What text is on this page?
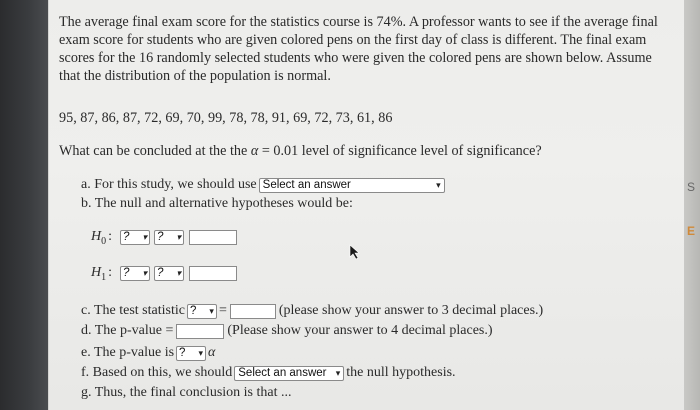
The average final exam score for the statistics course is 74%. A professor wants to see if the average final exam score for students who are given colored pens on the first day of class is different. The final exam scores for the 16 randomly selected students who were given the colored pens are shown below. Assume that the distribution of the population is normal.

95, 87, 86, 87, 72, 69, 70, 99, 78, 78, 91, 69, 72, 73, 61, 86

What can be concluded at the the α = 0.01 level of significance level of significance?

a. For this study, we should use Select an answer	▾
b. The null and alternative hypotheses would be:
H 0 : ? ▾ ? ▾
H 1 : ? ▾ ? ▾
c. The test statistic ? ▾ =	(please show your answer to 3 decimal places.)
d. The p-value =	(Please show your answer to 4 decimal places.)
e. The p-value is ? ▾ α
f. Based on this, we should Select an answer ▾ the null hypothesis.
g. Thus, the final conclusion is that ...
S
E
